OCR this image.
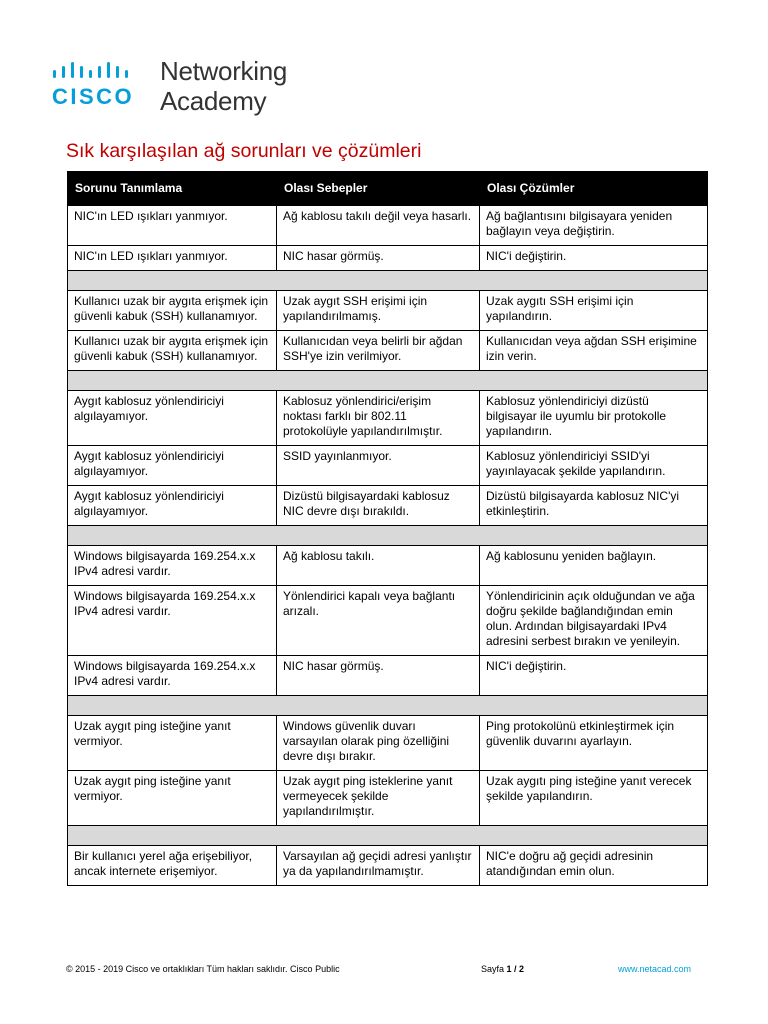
CISCO
Networking
Academy
Sık karşılaşılan ağ sorunları ve çözümleri
Sorunu Tanımlama	Olası Sebepler	Olası Çözümler
NIC'ın LED ışıkları yanmıyor.	Ağ kablosu takılı değil veya hasarlı.	Ağ bağlantısını bilgisayara yeniden bağlayın veya değiştirin.
NIC'ın LED ışıkları yanmıyor.	NIC hasar görmüş.	NIC'i değiştirin.

Kullanıcı uzak bir aygıta erişmek için güvenli kabuk (SSH) kullanamıyor.	Uzak aygıt SSH erişimi için yapılandırılmamış.	Uzak aygıtı SSH erişimi için yapılandırın.
Kullanıcı uzak bir aygıta erişmek için güvenli kabuk (SSH) kullanamıyor.	Kullanıcıdan veya belirli bir ağdan SSH'ye izin verilmiyor.	Kullanıcıdan veya ağdan SSH erişimine izin verin.

Aygıt kablosuz yönlendiriciyi algılayamıyor.	Kablosuz yönlendirici/erişim noktası farklı bir 802.11 protokolüyle yapılandırılmıştır.	Kablosuz yönlendiriciyi dizüstü bilgisayar ile uyumlu bir protokolle yapılandırın.
Aygıt kablosuz yönlendiriciyi algılayamıyor.	SSID yayınlanmıyor.	Kablosuz yönlendiriciyi SSID'yi yayınlayacak şekilde yapılandırın.
Aygıt kablosuz yönlendiriciyi algılayamıyor.	Dizüstü bilgisayardaki kablosuz NIC devre dışı bırakıldı.	Dizüstü bilgisayarda kablosuz NIC'yi etkinleştirin.

Windows bilgisayarda 169.254.x.x IPv4 adresi vardır.	Ağ kablosu takılı.	Ağ kablosunu yeniden bağlayın.
Windows bilgisayarda 169.254.x.x IPv4 adresi vardır.	Yönlendirici kapalı veya bağlantı arızalı.	Yönlendiricinin açık olduğundan ve ağa doğru şekilde bağlandığından emin olun. Ardından bilgisayardaki IPv4 adresini serbest bırakın ve yenileyin.
Windows bilgisayarda 169.254.x.x IPv4 adresi vardır.	NIC hasar görmüş.	NIC'i değiştirin.

Uzak aygıt ping isteğine yanıt vermiyor.	Windows güvenlik duvarı varsayılan olarak ping özelliğini devre dışı bırakır.	Ping protokolünü etkinleştirmek için güvenlik duvarını ayarlayın.
Uzak aygıt ping isteğine yanıt vermiyor.	Uzak aygıt ping isteklerine yanıt vermeyecek şekilde yapılandırılmıştır.	Uzak aygıtı ping isteğine yanıt verecek şekilde yapılandırın.

Bir kullanıcı yerel ağa erişebiliyor, ancak internete erişemiyor.	Varsayılan ağ geçidi adresi yanlıştır ya da yapılandırılmamıştır.	NIC'e doğru ağ geçidi adresinin atandığından emin olun.
© 2015 - 2019 Cisco ve ortaklıkları Tüm hakları saklıdır. Cisco Public	Sayfa 1 / 2	www.netacad.com
